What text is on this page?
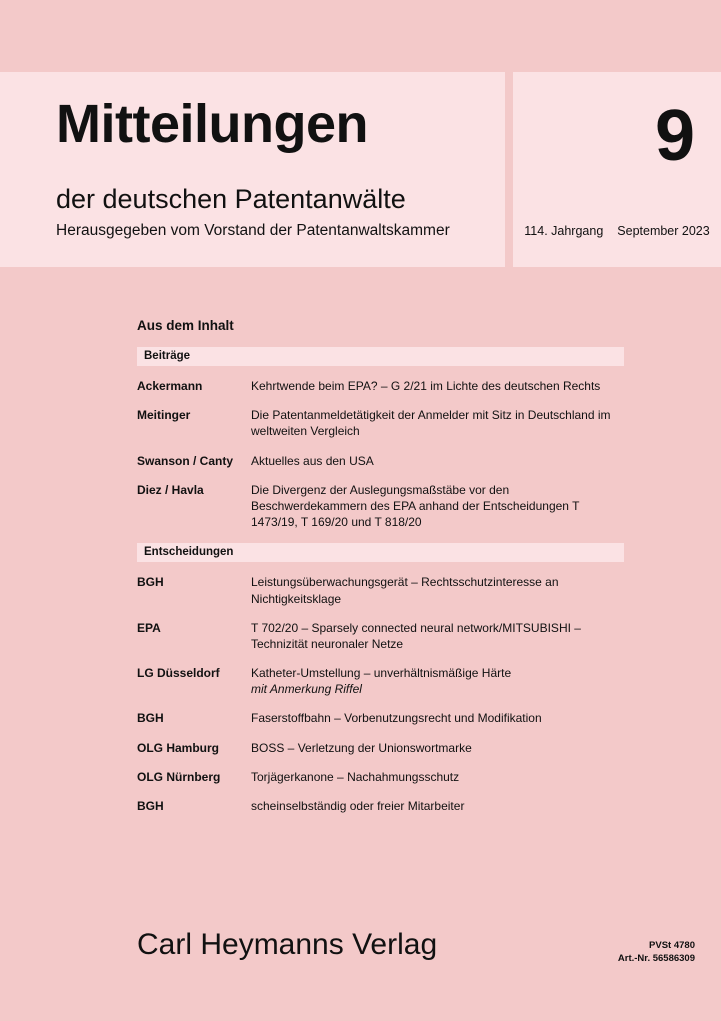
Mitteilungen
der deutschen Patentanwälte
Herausgegeben vom Vorstand der Patentanwaltskammer
9
114. Jahrgang September 2023
Aus dem Inhalt
Beiträge
Ackermann	Kehrtwende beim EPA? – G 2/21 im Lichte des deutschen Rechts
Meitinger	Die Patentanmeldetätigkeit der Anmelder mit Sitz in Deutschland im weltweiten Vergleich
Swanson / Canty	Aktuelles aus den USA
Diez / Havla	Die Divergenz der Auslegungsmaßstäbe vor den Beschwerdekammern des EPA anhand der Entscheidungen T 1473/19, T 169/20 und T 818/20
Entscheidungen
BGH	Leistungsüberwachungsgerät – Rechtsschutzinteresse an Nichtigkeitsklage
EPA	T 702/20 – Sparsely connected neural network/MITSUBISHI – Technizität neuronaler Netze
LG Düsseldorf	Katheter-Umstellung – unverhältnismäßige Härte
mit Anmerkung Riffel
BGH	Faserstoffbahn – Vorbenutzungsrecht und Modifikation
OLG Hamburg	BOSS – Verletzung der Unionswortmarke
OLG Nürnberg	Torjägerkanone – Nachahmungsschutz
BGH	scheinselbständig oder freier Mitarbeiter
Carl Heymanns Verlag	PVSt 4780
Art.-Nr. 56586309
